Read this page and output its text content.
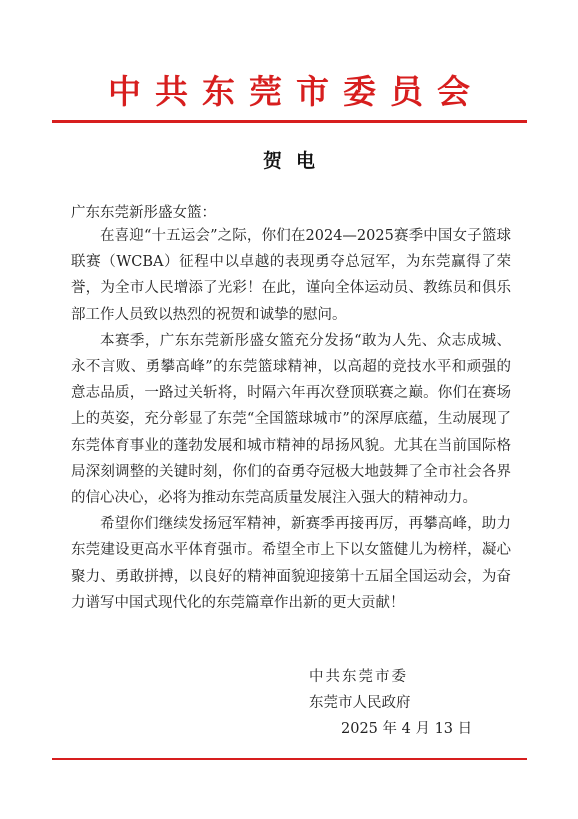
中共东莞市委员会
贺电
广东东莞新彤盛女篮：

在喜迎“十五运会”之际，你们在2024—2025赛季中国女子篮球联赛（WCBA）征程中以卓越的表现勇夺总冠军，为东莞赢得了荣誉，为全市人民增添了光彩！在此，谨向全体运动员、教练员和俱乐部工作人员致以热烈的祝贺和诚挚的慰问。

本赛季，广东东莞新彤盛女篮充分发扬“敢为人先、众志成城、永不言败、勇攀高峰”的东莞篮球精神，以高超的竞技水平和顽强的意志品质，一路过关斩将，时隔六年再次登顶联赛之巅。你们在赛场上的英姿，充分彰显了东莞“全国篮球城市”的深厚底蕴，生动展现了东莞体育事业的蓬勃发展和城市精神的昂扬风貌。尤其在当前国际格局深刻调整的关键时刻，你们的奋勇夺冠极大地鼓舞了全市社会各界的信心决心，必将为推动东莞高质量发展注入强大的精神动力。

希望你们继续发扬冠军精神，新赛季再接再厉，再攀高峰，助力东莞建设更高水平体育强市。希望全市上下以女篮健儿为榜样，凝心聚力、勇敢拼搏，以良好的精神面貌迎接第十五届全国运动会，为奋力谱写中国式现代化的东莞篇章作出新的更大贡献！

中共东莞市委
东莞市人民政府
2025 年 4 月 13 日
